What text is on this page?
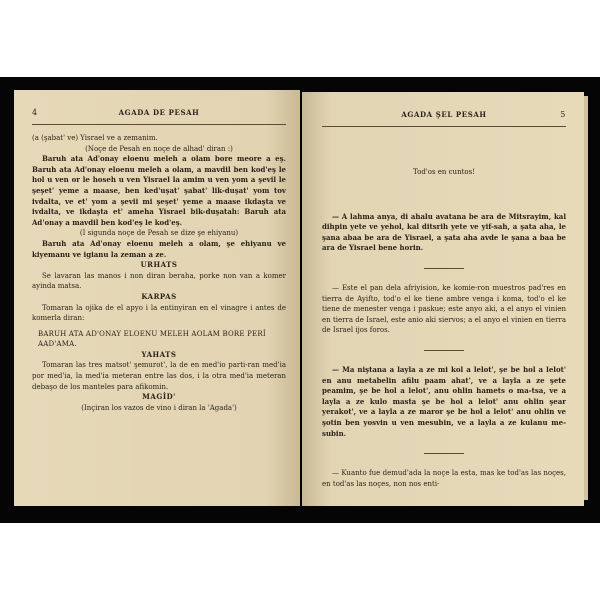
4	AGADA DE PESAH

(a (şabat' ve) Yisrael ve a zemanim.

(Noçe de Pesah en noçe de alhad' diran :)

Baruh ata Ad'onay eloenu meleh a olam bore meore a eş. Baruh ata Ad'onay eloenu meleh a olam, a mavdil ben kod'eş le hol u ven or le hoseh u ven Yisrael la amim u ven yom a şevil le şeşet' yeme a maase, ben ked'uşat' şabat' lik-duşat' yom tov ivdalta, ve et' yom a şevii mi şeşet' yeme a maase ikdaşta ve ivdalta, ve ikdaşta et' ameha Yisrael bik-duşatah: Baruh ata Ad'onay a mavdil ben kod'eş le kod'eş.

(I sigunda noçe de Pesah se dize şe ehiyanu)

Baruh ata Ad'onay eloenu meleh a olam, şe ehiyanu ve kiyemanu ve igianu la zeman a ze.

URHATS

Se lavaran las manos i non diran beraha, porke non van a komer ayinda matsa.

KARPAS

Tomaran la ojika de el apyo i la entinyiran en el vinagre i antes de komerla diran:

BARUH ATA AD'ONAY ELOENU MELEH AOLAM BORE PERİ AAD'AMA.

YAHATS

Tomaran las tres matsot' şemurot', la de en med'io parti-ran med'ia por med'ia, la med'ia meteran entre las dos, i la otra med'ia meteran debaşo de los manteles para afikomin.

MAGİD'

(Inçiran los vazos de vino i diran la 'Agada')

AGADA ŞEL PESAH	5

Tod'os en cuntos!

— A lahma anya, di ahalu avatana be ara de Mitsrayim, kal dihpin yete ve yehol, kal ditsrih yete ve yif-sah, a şata aha, le şana abaa be ara de Yisrael, a şata aha avde le şana a baa be ara de Yisrael bene horin.

— Este el pan dela afriyision, ke komie-ron muestros pad'res en tierra de Ayifto, tod'o el ke tiene ambre venga i koma, tod'o el ke tiene de menester venga i paskue; este anyo aki, a el anyo el vinien en tierra de Israel, este anio aki siervos; a el anyo el vinien en tierra de Israel ijos foros.

— Ma niştana a layla a ze mi kol a lelot', şe be hol a lelot' en anu metabelin afilu paam ahat', ve a layla a ze şete peamim, şe be hol a lelot', anu ohlin hamets o ma-tsa, ve a layla a ze kulo masta şe be hol a lelot' anu ohlin şear yerakot', ve a layla a ze maror şe be hol a lelot' anu ohlin ve şotin ben yosvin u ven mesubin, ve a layla a ze kulanu me-subin.

— Kuanto fue demud'ada la noçe la esta, mas ke tod'as las noçes, en tod'as las noçes, non nos enti-
